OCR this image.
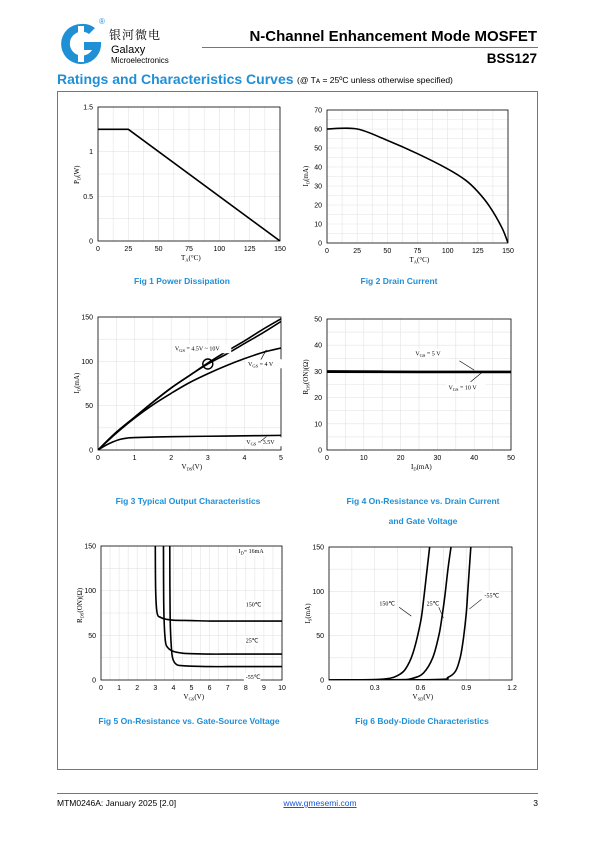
®
银河微电
Galaxy
Microelectronics
N-Channel Enhancement Mode MOSFET
BSS127
Ratings and Characteristics Curves (@ Tᴀ = 25ºC unless otherwise specified)
0	25	50	75	100	125	150
0
0.5
1
1.5
$T_A(^\circ C)$
$P_D(W)$
0	25	50	75	100	125	150
0
10
20
30
40
50
60
70
$T_A(^\circ C)$
$I_D(mA)$
0	1	2	3	4	5
0
50
100
150
$V_{DS}(V)$
$I_D(mA)$
$V_{GS} = 4.5V$ ~ 10V
$V_{GS} = 4$ V
$V_{GS} = 3.5V$
0	10	20	30	40	50
0
10
20
30
40
50
$I_D(mA)$
$R_{DS}(ON)(\Omega)$
$V_{GS} = 5$ V
$V_{GS} = 10$ V
0 1 2 3 4 5 6 7 8 9 10
0
50
100
150
$V_{GS}(V)$
$R_{DS}(ON)(\Omega)$
$I_D= 16mA$
150℃
25℃
-55℃
0	0.3	0.6	0.9	1.2
0
50
100
150
$V_{SD}(V)$
$I_S(mA)$	150℃	25℃
-55℃
Fig 1 Power Dissipation	Fig 2 Drain Current
Fig 3 Typical Output Characteristics	Fig 4 On-Resistance vs. Drain Current
and Gate Voltage
Fig 5 On-Resistance vs. Gate-Source Voltage	Fig 6 Body-Diode Characteristics
MTM0246A: January 2025 [2.0]	www.gmesemi.com	3
